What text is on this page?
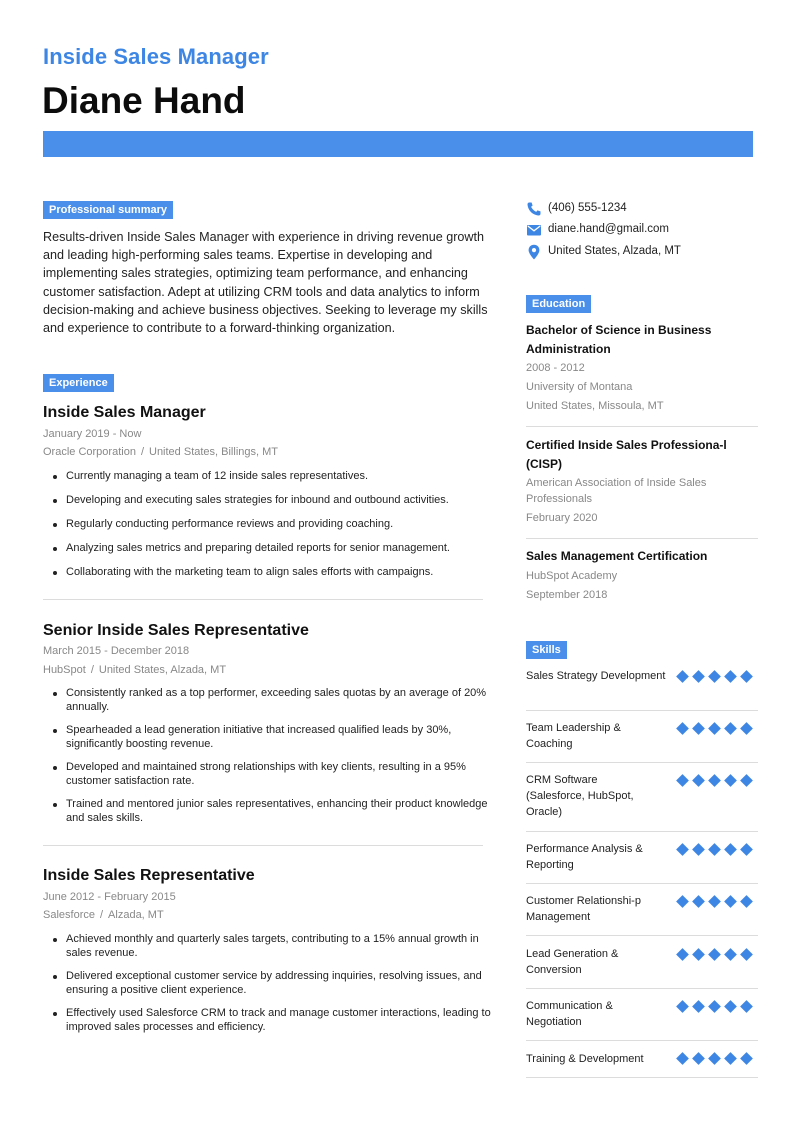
Inside Sales Manager
Diane Hand
Professional summary
Results-driven Inside Sales Manager with experience in driving revenue growth and leading high-performing sales teams. Expertise in developing and implementing sales strategies, optimizing team performance, and enhancing customer satisfaction. Adept at utilizing CRM tools and data analytics to inform decision-making and achieve business objectives. Seeking to leverage my skills and experience to contribute to a forward-thinking organization.
Experience
Inside Sales Manager
January 2019 - Now
Oracle Corporation / United States, Billings, MT
Currently managing a team of 12 inside sales representatives.
Developing and executing sales strategies for inbound and outbound activities.
Regularly conducting performance reviews and providing coaching.
Analyzing sales metrics and preparing detailed reports for senior management.
Collaborating with the marketing team to align sales efforts with campaigns.
Senior Inside Sales Representative
March 2015 - December 2018
HubSpot / United States, Alzada, MT
Consistently ranked as a top performer, exceeding sales quotas by an average of 20% annually.
Spearheaded a lead generation initiative that increased qualified leads by 30%, significantly boosting revenue.
Developed and maintained strong relationships with key clients, resulting in a 95% customer satisfaction rate.
Trained and mentored junior sales representatives, enhancing their product knowledge and sales skills.
Inside Sales Representative
June 2012 - February 2015
Salesforce / Alzada, MT
Achieved monthly and quarterly sales targets, contributing to a 15% annual growth in sales revenue.
Delivered exceptional customer service by addressing inquiries, resolving issues, and ensuring a positive client experience.
Effectively used Salesforce CRM to track and manage customer interactions, leading to improved sales processes and efficiency.
(406) 555-1234
diane.hand@gmail.com
United States, Alzada, MT
Education
Bachelor of Science in Business Administration
2008 - 2012
University of Montana
United States, Missoula, MT
Certified Inside Sales Professiona-l (CISP)
American Association of Inside Sales Professionals
February 2020
Sales Management Certification
HubSpot Academy
September 2018
Skills
Sales Strategy Development
Team Leadership & Coaching
CRM Software (Salesforce, HubSpot, Oracle)
Performance Analysis & Reporting
Customer Relationshi-p Management
Lead Generation & Conversion
Communication & Negotiation
Training & Development
